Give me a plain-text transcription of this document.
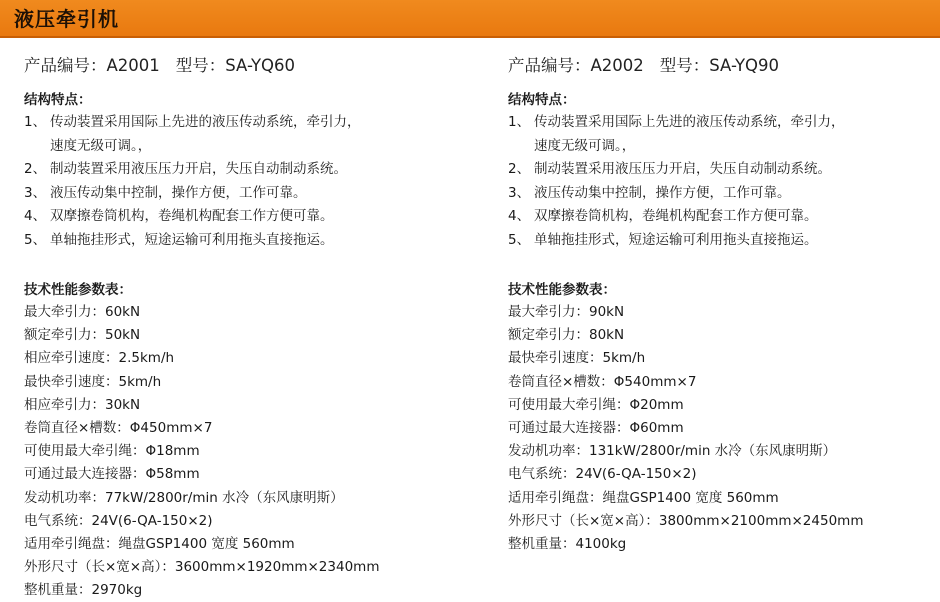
液压牵引机
产品编号：A2001 型号：SA-YQ60
结构特点：
1、 传动装置采用国际上先进的液压传动系统，牵引力，
速度无级可调。，
2、 制动装置采用液压压力开启，失压自动制动系统。
3、 液压传动集中控制，操作方便，工作可靠。
4、 双摩擦卷筒机构，卷绳机构配套工作方便可靠。
5、 单轴拖挂形式，短途运输可利用拖头直接拖运。
技术性能参数表：
最大牵引力：60kN
额定牵引力：50kN
相应牵引速度：2.5km/h
最快牵引速度：5km/h
相应牵引力：30kN
卷筒直径×槽数：Φ450mm×7
可使用最大牵引绳：Φ18mm
可通过最大连接器：Φ58mm
发动机功率：77kW/2800r/min 水冷（东风康明斯）
电气系统：24V(6-QA-150×2)
适用牵引绳盘：绳盘GSP1400 宽度 560mm
外形尺寸（长×宽×高）：3600mm×1920mm×2340mm
整机重量：2970kg
产品编号：A2002 型号：SA-YQ90
结构特点：
1、 传动装置采用国际上先进的液压传动系统，牵引力，
速度无级可调。，
2、 制动装置采用液压压力开启，失压自动制动系统。
3、 液压传动集中控制，操作方便，工作可靠。
4、 双摩擦卷筒机构，卷绳机构配套工作方便可靠。
5、 单轴拖挂形式，短途运输可利用拖头直接拖运。
技术性能参数表：
最大牵引力：90kN
额定牵引力：80kN
最快牵引速度：5km/h
卷筒直径×槽数：Φ540mm×7
可使用最大牵引绳：Φ20mm
可通过最大连接器：Φ60mm
发动机功率：131kW/2800r/min 水冷（东风康明斯）
电气系统：24V(6-QA-150×2)
适用牵引绳盘：绳盘GSP1400 宽度 560mm
外形尺寸（长×宽×高）：3800mm×2100mm×2450mm
整机重量：4100kg
